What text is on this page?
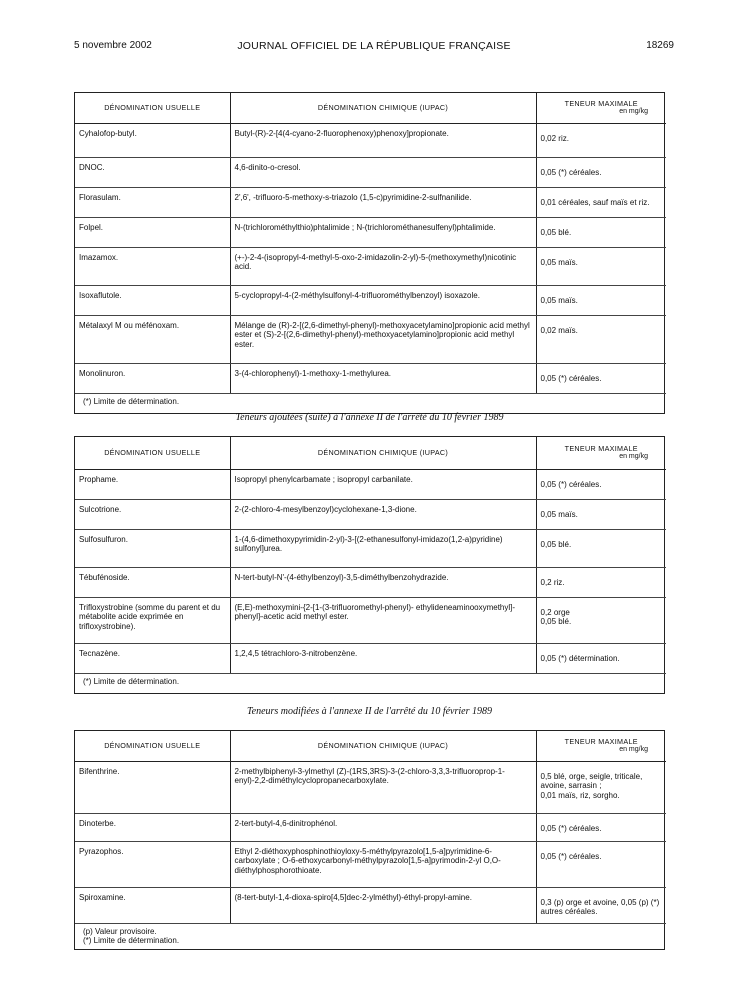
5 novembre 2002	JOURNAL OFFICIEL DE LA RÉPUBLIQUE FRANÇAISE	18269
DÉNOMINATION USUELLE	DÉNOMINATION CHIMIQUE (IUPAC)	TENEUR MAXIMALE
en mg/kg

Cyhalofop-butyl.	Butyl-(R)-2-[4(4-cyano-2-fluorophenoxy)phenoxy]propionate.	0,02 riz.
DNOC.	4,6-dinito-o-cresol.	0,05 (*) céréales.
Florasulam.	2',6', -trifluoro-5-methoxy-s-triazolo (1,5-c)pyrimidine-2-sulfnanilide.	0,01 céréales, sauf maïs et riz.
Folpel.	N-(trichlorométhylthio)phtalimide ; N-(trichlorométhanesulfenyl)phtalimide.	0,05 blé.
Imazamox.	(+-)-2-4-(isopropyl-4-methyl-5-oxo-2-imidazolin-2-yl)-5-(methoxymethyl)nicotinic acid.	0,05 maïs.
Isoxaflutole.	5-cyclopropyl-4-(2-méthylsulfonyl-4-trifluorométhylbenzoyl) isoxazole.	0,05 maïs.
Métalaxyl M ou méfénoxam.	Mélange de (R)-2-[(2,6-dimethyl-phenyl)-methoxyacetylamino]propionic acid methyl ester et (S)-2-[(2,6-dimethyl-phenyl)-methoxyacetylamino]propionic acid methyl ester.	0,02 maïs.
Monolinuron.	3-(4-chlorophenyl)-1-methoxy-1-methylurea.	0,05 (*) céréales.
(*) Limite de détermination.		
Teneurs ajoutées (suite) à l'annexe II de l'arrêté du 10 février 1989
DÉNOMINATION USUELLE	DÉNOMINATION CHIMIQUE (IUPAC)	TENEUR MAXIMALE
en mg/kg

Prophame.	Isopropyl phenylcarbamate ; isopropyl carbanilate.	0,05 (*) céréales.
Sulcotrione.	2-(2-chloro-4-mesylbenzoyl)cyclohexane-1,3-dione.	0,05 maïs.
Sulfosulfuron.	1-(4,6-dimethoxypyrimidin-2-yl)-3-[(2-ethanesulfonyl-imidazo(1,2-a)pyridine) sulfonyl]urea.	0,05 blé.
Tébufénoside.	N-tert-butyl-N'-(4-éthylbenzoyl)-3,5-diméthylbenzohydrazide.	0,2 riz.
Trifloxystrobine (somme du parent et du métabolite acide exprimée en trifloxystrobine).	(E,E)-methoxymini-{2-[1-(3-trifluoromethyl-phenyl)- ethylideneaminooxymethyl]-phenyl}-acetic acid methyl ester.	0,2 orge
0,05 blé.
Tecnazène.	1,2,4,5 tétrachloro-3-nitrobenzène.	0,05 (*) détermination.
(*) Limite de détermination.		
Teneurs modifiées à l'annexe II de l'arrêté du 10 février 1989
DÉNOMINATION USUELLE	DÉNOMINATION CHIMIQUE (IUPAC)	TENEUR MAXIMALE
en mg/kg

Bifenthrine.	2-methylbiphenyl-3-ylmethyl (Z)-(1RS,3RS)-3-(2-chloro-3,3,3-trifluoroprop-1-enyl)-2,2-diméthylcyclopropanecarboxylate.	0,5 blé, orge, seigle, triticale, avoine, sarrasin ;
0,01 maïs, riz, sorgho.
Dinoterbe.	2-tert-butyl-4,6-dinitrophénol.	0,05 (*) céréales.
Pyrazophos.	Ethyl 2-diéthoxyphosphinothioyloxy-5-méthylpyrazolo[1,5-a]pyrimidine-6-carboxylate ; O-6-ethoxycarbonyl-méthylpyrazolo[1,5-a]pyrimodin-2-yl O,O-diéthylphosphorothioate.	0,05 (*) céréales.
Spiroxamine.	(8-tert-butyl-1,4-dioxa-spiro[4,5]dec-2-ylméthyl)-éthyl-propyl-amine.	0,3 (p) orge et avoine, 0,05 (p) (*) autres céréales.

(p) Valeur provisoire.
(*) Limite de détermination.		
